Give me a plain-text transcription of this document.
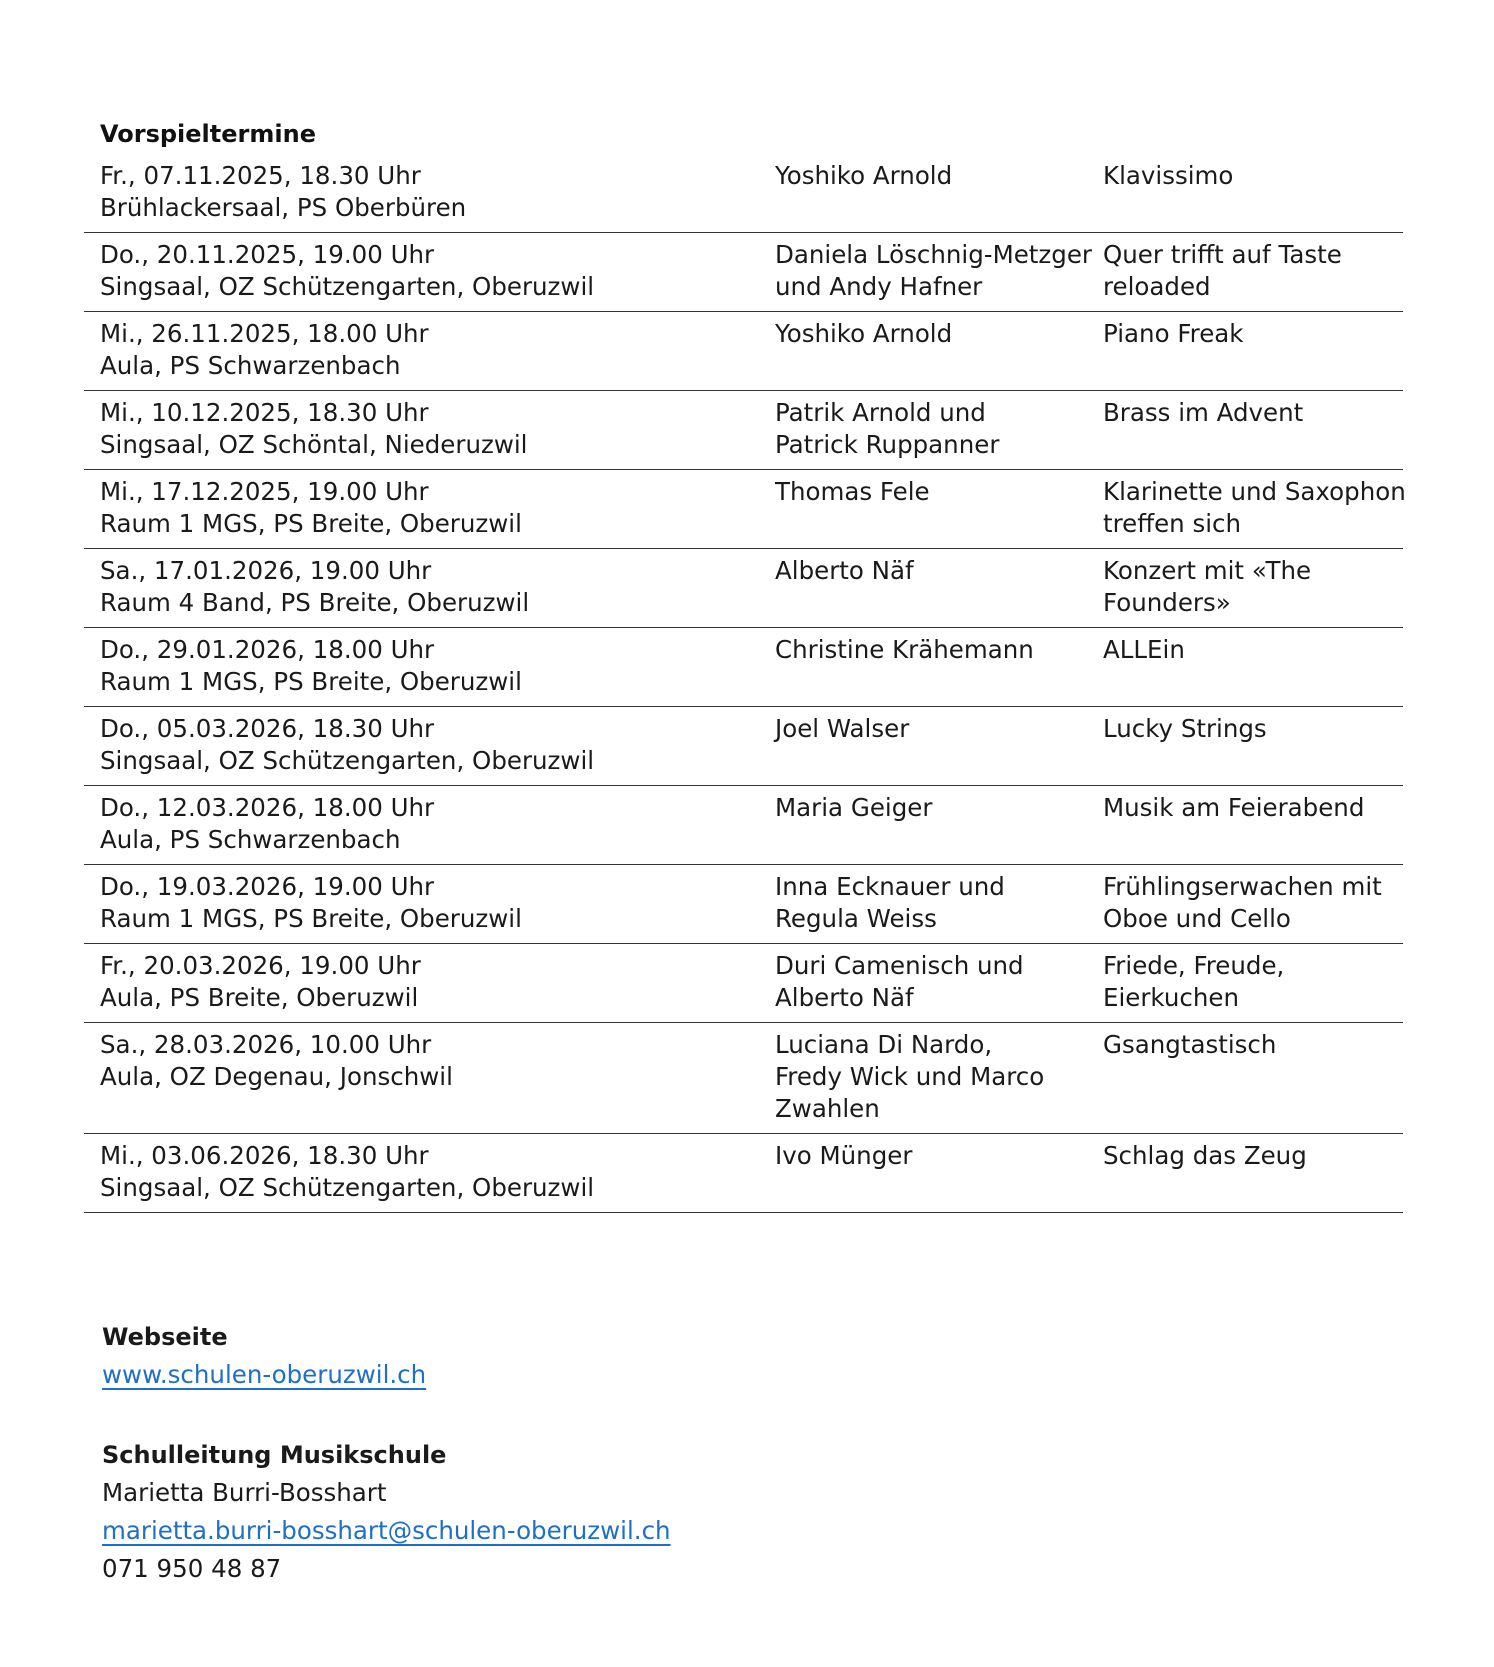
Vorspieltermine
Fr., 07.11.2025, 18.30 Uhr
Brühlackersaal, PS Oberbüren	Yoshiko Arnold	Klavissimo

Do., 20.11.2025, 19.00 Uhr
Singsaal, OZ Schützengarten, Oberuzwil	Daniela Löschnig-Metzger
und Andy Hafner	Quer trifft auf Taste
reloaded

Mi., 26.11.2025, 18.00 Uhr
Aula, PS Schwarzenbach	Yoshiko Arnold	Piano Freak

Mi., 10.12.2025, 18.30 Uhr
Singsaal, OZ Schöntal, Niederuzwil	Patrik Arnold und
Patrick Ruppanner	Brass im Advent

Mi., 17.12.2025, 19.00 Uhr
Raum 1 MGS, PS Breite, Oberuzwil	Thomas Fele	Klarinette und Saxophon
treffen sich

Sa., 17.01.2026, 19.00 Uhr
Raum 4 Band, PS Breite, Oberuzwil	Alberto Näf	Konzert mit «The
Founders»

Do., 29.01.2026, 18.00 Uhr
Raum 1 MGS, PS Breite, Oberuzwil	Christine Krähemann	ALLEin

Do., 05.03.2026, 18.30 Uhr
Singsaal, OZ Schützengarten, Oberuzwil	Joel Walser	Lucky Strings

Do., 12.03.2026, 18.00 Uhr
Aula, PS Schwarzenbach	Maria Geiger	Musik am Feierabend

Do., 19.03.2026, 19.00 Uhr
Raum 1 MGS, PS Breite, Oberuzwil	Inna Ecknauer und
Regula Weiss	Frühlingserwachen mit
Oboe und Cello

Fr., 20.03.2026, 19.00 Uhr
Aula, PS Breite, Oberuzwil	Duri Camenisch und
Alberto Näf	Friede, Freude,
Eierkuchen

Sa., 28.03.2026, 10.00 Uhr
Aula, OZ Degenau, Jonschwil	Luciana Di Nardo,
Fredy Wick und Marco
Zwahlen	Gsangtastisch

Mi., 03.06.2026, 18.30 Uhr
Singsaal, OZ Schützengarten, Oberuzwil	Ivo Münger	Schlag das Zeug
Webseite
www.schulen-oberuzwil.ch
Schulleitung Musikschule
Marietta Burri-Bosshart
marietta.burri-bosshart@schulen-oberuzwil.ch
071 950 48 87
